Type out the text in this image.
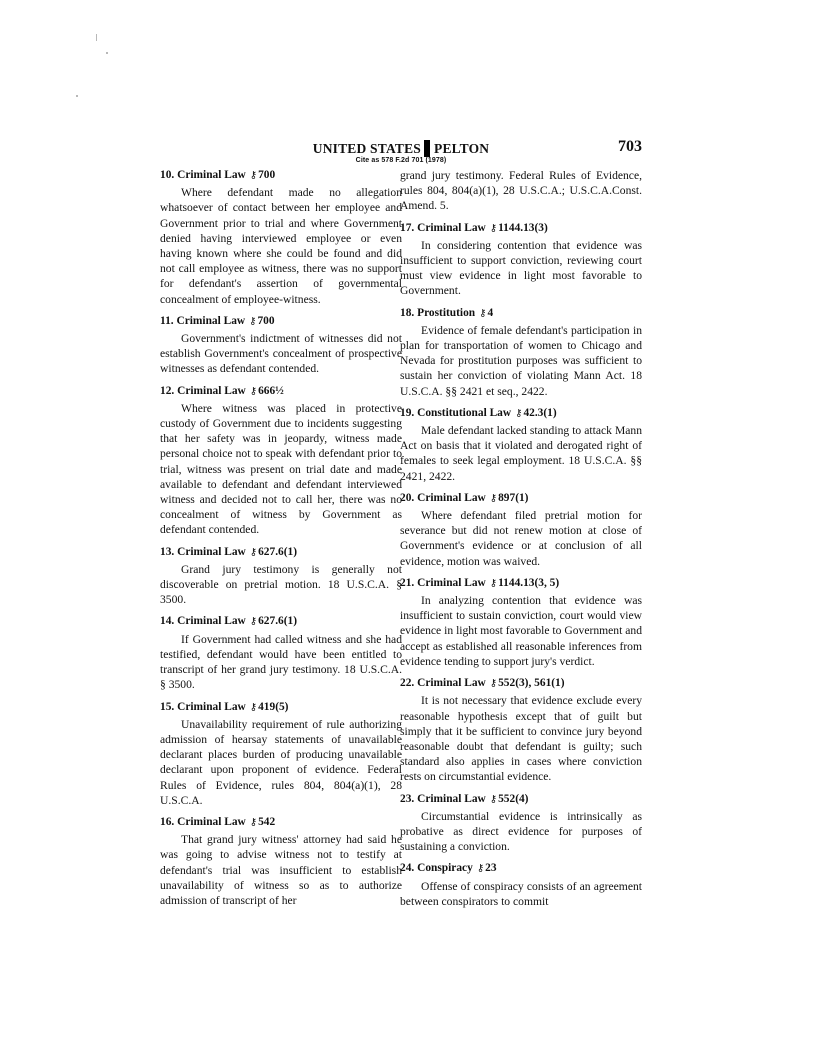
UNITED STATES PELTON	703
Cite as 578 F.2d 701 (1978)
10. Criminal Law ⚷700

Where defendant made no allegation whatsoever of contact between her employee and Government prior to trial and where Government denied having interviewed employee or even having known where she could be found and did not call employee as witness, there was no support for defendant's assertion of governmental concealment of employee-witness.

11. Criminal Law ⚷700

Government's indictment of witnesses did not establish Government's concealment of prospective witnesses as defendant contended.

12. Criminal Law ⚷666½

Where witness was placed in protective custody of Government due to incidents suggesting that her safety was in jeopardy, witness made personal choice not to speak with defendant prior to trial, witness was present on trial date and made available to defendant and defendant interviewed witness and decided not to call her, there was no concealment of witness by Government as defendant contended.

13. Criminal Law ⚷627.6(1)

Grand jury testimony is generally not discoverable on pretrial motion. 18 U.S.C.A. § 3500.

14. Criminal Law ⚷627.6(1)

If Government had called witness and she had testified, defendant would have been entitled to transcript of her grand jury testimony. 18 U.S.C.A. § 3500.

15. Criminal Law ⚷419(5)

Unavailability requirement of rule authorizing admission of hearsay statements of unavailable declarant places burden of producing unavailable declarant upon proponent of evidence. Federal Rules of Evidence, rules 804, 804(a)(1), 28 U.S.C.A.

16. Criminal Law ⚷542

That grand jury witness' attorney had said he was going to advise witness not to testify at defendant's trial was insufficient to establish unavailability of witness so as to authorize admission of transcript of her

grand jury testimony. Federal Rules of Evidence, rules 804, 804(a)(1), 28 U.S.C.A.; U.S.C.A.Const. Amend. 5.

17. Criminal Law ⚷1144.13(3)

In considering contention that evidence was insufficient to support conviction, reviewing court must view evidence in light most favorable to Government.

18. Prostitution ⚷4

Evidence of female defendant's participation in plan for transportation of women to Chicago and Nevada for prostitution purposes was sufficient to sustain her conviction of violating Mann Act. 18 U.S.C.A. §§ 2421 et seq., 2422.

19. Constitutional Law ⚷42.3(1)

Male defendant lacked standing to attack Mann Act on basis that it violated and derogated right of females to seek legal employment. 18 U.S.C.A. §§ 2421, 2422.

20. Criminal Law ⚷897(1)

Where defendant filed pretrial motion for severance but did not renew motion at close of Government's evidence or at conclusion of all evidence, motion was waived.

21. Criminal Law ⚷1144.13(3, 5)

In analyzing contention that evidence was insufficient to sustain conviction, court would view evidence in light most favorable to Government and accept as established all reasonable inferences from evidence tending to support jury's verdict.

22. Criminal Law ⚷552(3), 561(1)

It is not necessary that evidence exclude every reasonable hypothesis except that of guilt but simply that it be sufficient to convince jury beyond reasonable doubt that defendant is guilty; such standard also applies in cases where conviction rests on circumstantial evidence.

23. Criminal Law ⚷552(4)

Circumstantial evidence is intrinsically as probative as direct evidence for purposes of sustaining a conviction.

24. Conspiracy ⚷23

Offense of conspiracy consists of an agreement between conspirators to commit
